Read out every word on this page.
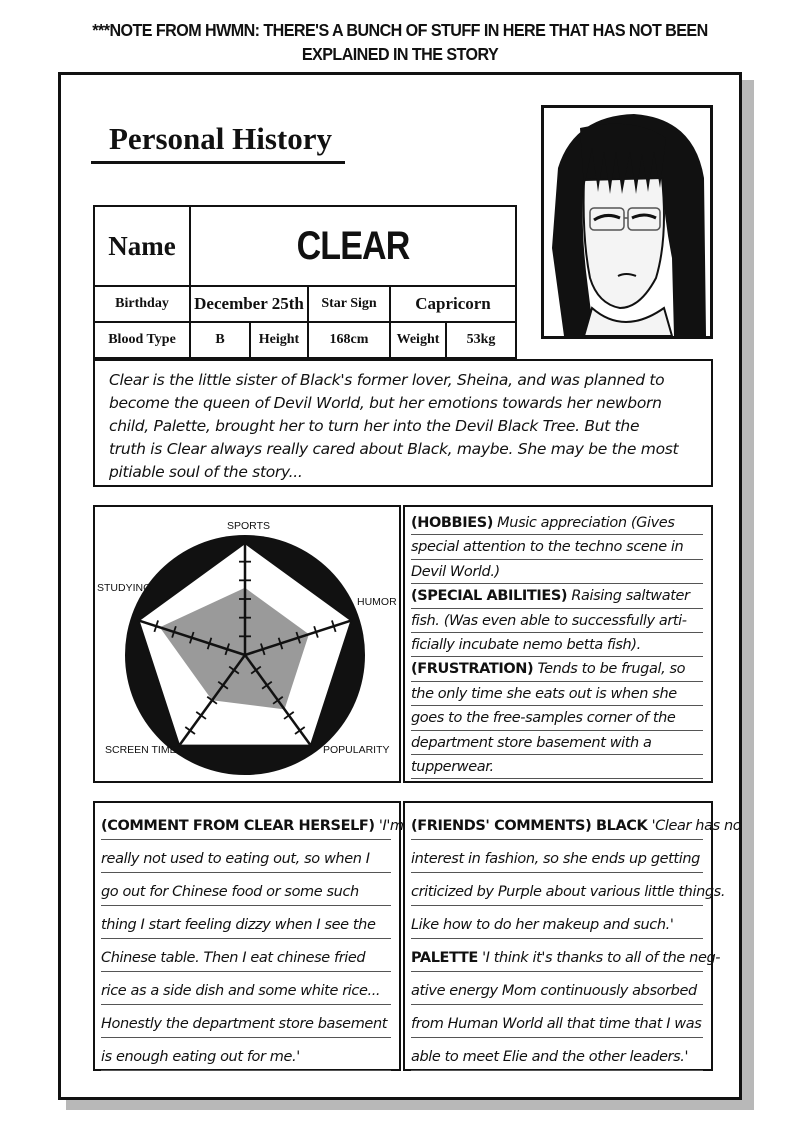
***NOTE FROM HWMN: THERE'S A BUNCH OF STUFF IN HERE THAT HAS NOT BEEN EXPLAINED IN THE STORY
Personal History
Name	CLEAR				

Birthday	December 25th		Star Sign	Capricorn	
Blood Type	B	Height	168cm	Weight	53kg
Clear is the little sister of Black's former lover, Sheina, and was planned to
become the queen of Devil World, but her emotions towards her newborn
child, Palette, brought her to turn her into the Devil Black Tree. But the
truth is Clear always really cared about Black, maybe. She may be the most
pitiable soul of the story...
SPORTS
HUMOR
POPULARITY
SCREEN TIME
STUDYING
(HOBBIES) Music appreciation (Gives
special attention to the techno scene in
Devil World.)
(SPECIAL ABILITIES) Raising saltwater
fish. (Was even able to successfully arti-
ficially incubate nemo betta fish).
(FRUSTRATION) Tends to be frugal, so
the only time she eats out is when she
goes to the free-samples corner of the
department store basement with a
tupperwear.
(COMMENT FROM CLEAR HERSELF) 'I'm
really not used to eating out, so when I
go out for Chinese food or some such
thing I start feeling dizzy when I see the
Chinese table. Then I eat chinese fried
rice as a side dish and some white rice...
Honestly the department store basement
is enough eating out for me.'
(FRIENDS' COMMENTS) BLACK 'Clear has no
interest in fashion, so she ends up getting
criticized by Purple about various little things.
Like how to do her makeup and such.'
PALETTE 'I think it's thanks to all of the neg-
ative energy Mom continuously absorbed
from Human World all that time that I was
able to meet Elie and the other leaders.'
